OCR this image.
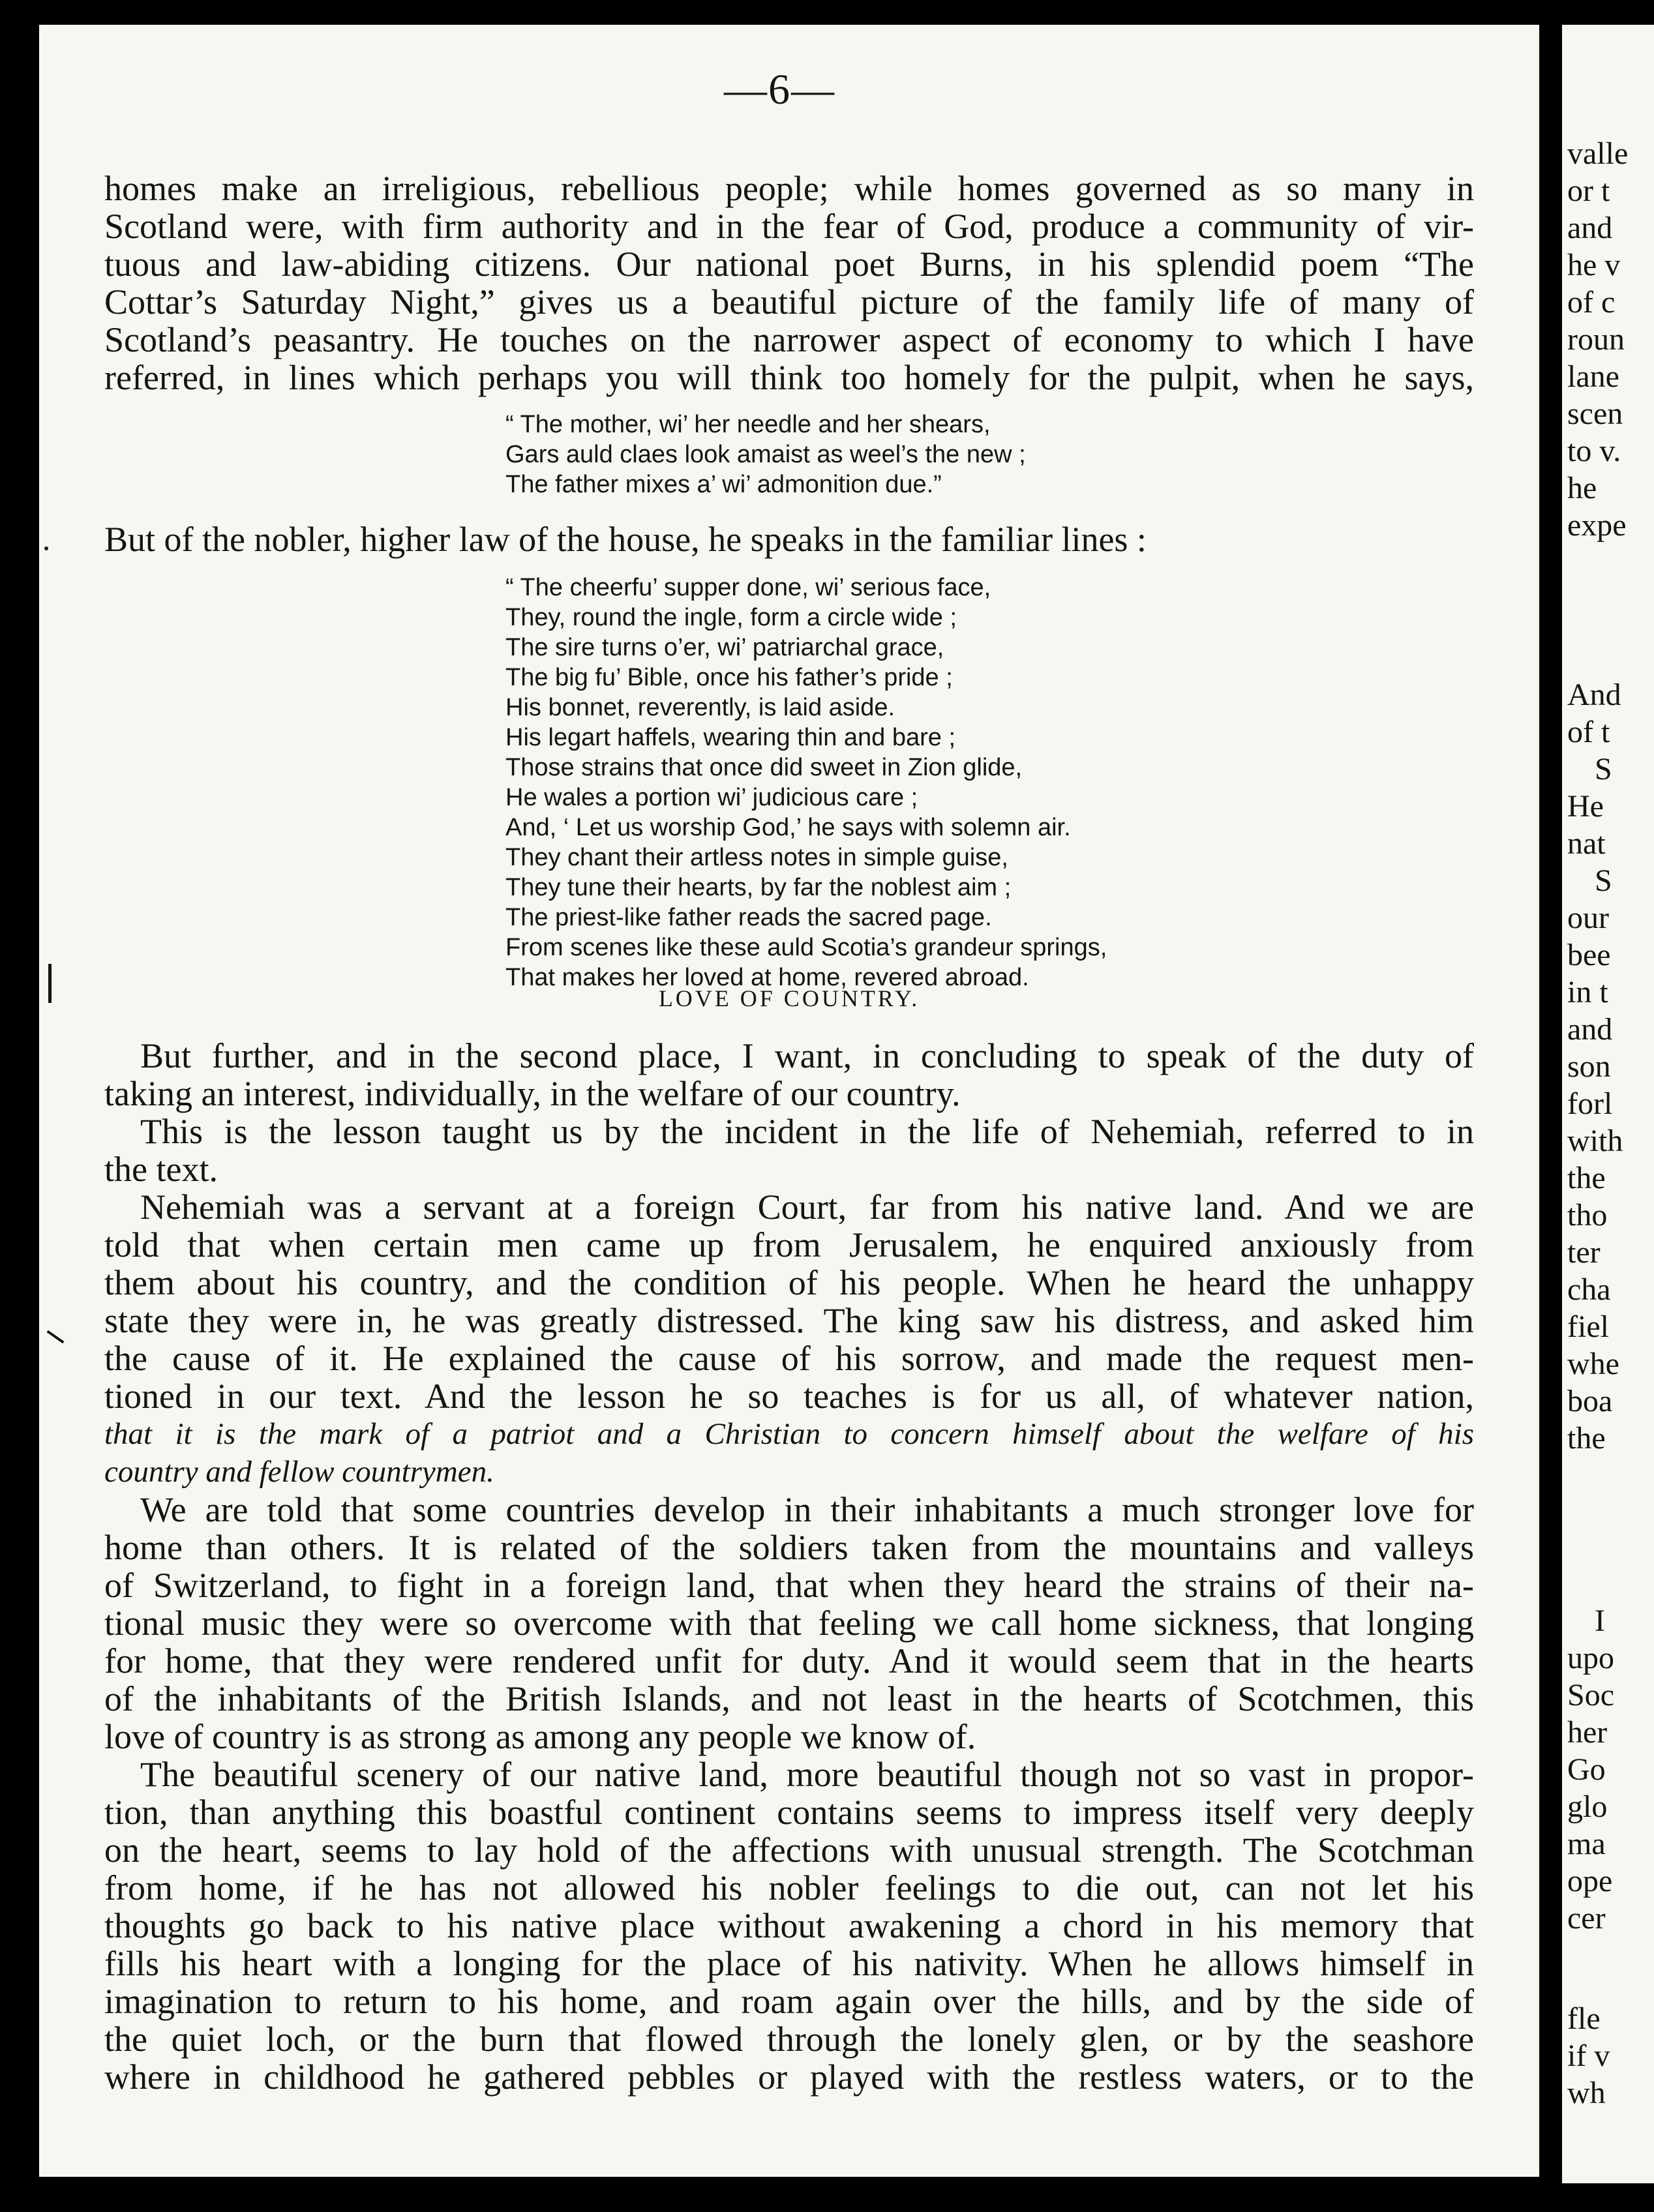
—6—
homes make an irreligious, rebellious people; while homes governed as so many in
Scotland were, with firm authority and in the fear of God, produce a community of vir-
tuous and law-abiding citizens. Our national poet Burns, in his splendid poem “The
Cottar’s Saturday Night,” gives us a beautiful picture of the family life of many of
Scotland’s peasantry. He touches on the narrower aspect of economy to which I have
referred, in lines which perhaps you will think too homely for the pulpit, when he says,
“ The mother, wi’ her needle and her shears,
Gars auld claes look amaist as weel’s the new ;
The father mixes a’ wi’ admonition due.”
But of the nobler, higher law of the house, he speaks in the familiar lines :
“ The cheerfu’ supper done, wi’ serious face,
They, round the ingle, form a circle wide ;
The sire turns o’er, wi’ patriarchal grace,
The big fu’ Bible, once his father’s pride ;
His bonnet, reverently, is laid aside.
His legart haffels, wearing thin and bare ;
Those strains that once did sweet in Zion glide,
He wales a portion wi’ judicious care ;
And, ‘ Let us worship God,’ he says with solemn air.
They chant their artless notes in simple guise,
They tune their hearts, by far the noblest aim ;
The priest-like father reads the sacred page.
From scenes like these auld Scotia’s grandeur springs,
That makes her loved at home, revered abroad.
LOVE OF COUNTRY.
But further, and in the second place, I want, in concluding to speak of the duty of
taking an interest, individually, in the welfare of our country.
This is the lesson taught us by the incident in the life of Nehemiah, referred to in
the text.
Nehemiah was a servant at a foreign Court, far from his native land. And we are
told that when certain men came up from Jerusalem, he enquired anxiously from
them about his country, and the condition of his people. When he heard the unhappy
state they were in, he was greatly distressed. The king saw his distress, and asked him
the cause of it. He explained the cause of his sorrow, and made the request men-
tioned in our text. And the lesson he so teaches is for us all, of whatever nation,
that it is the mark of a patriot and a Christian to concern himself about the welfare of his
country and fellow countrymen.
We are told that some countries develop in their inhabitants a much stronger love for
home than others. It is related of the soldiers taken from the mountains and valleys
of Switzerland, to fight in a foreign land, that when they heard the strains of their na-
tional music they were so overcome with that feeling we call home sickness, that longing
for home, that they were rendered unfit for duty. And it would seem that in the hearts
of the inhabitants of the British Islands, and not least in the hearts of Scotchmen, this
love of country is as strong as among any people we know of.
The beautiful scenery of our native land, more beautiful though not so vast in propor-
tion, than anything this boastful continent contains seems to impress itself very deeply
on the heart, seems to lay hold of the affections with unusual strength. The Scotchman
from home, if he has not allowed his nobler feelings to die out, can not let his
thoughts go back to his native place without awakening a chord in his memory that
fills his heart with a longing for the place of his nativity. When he allows himself in
imagination to return to his home, and roam again over the hills, and by the side of
the quiet loch, or the burn that flowed through the lonely glen, or by the seashore
where in childhood he gathered pebbles or played with the restless waters, or to the
valle
or t
and
he v
of c
roun
lane
scen
to v.
he
expe
And
of t
S
He
nat
S
our
bee
in t
and
son
forl
with
the
tho
ter
cha
fiel
whe
boa
the
I
upo
Soc
her
Go
glo
ma
ope
cer
fle
if v
wh
